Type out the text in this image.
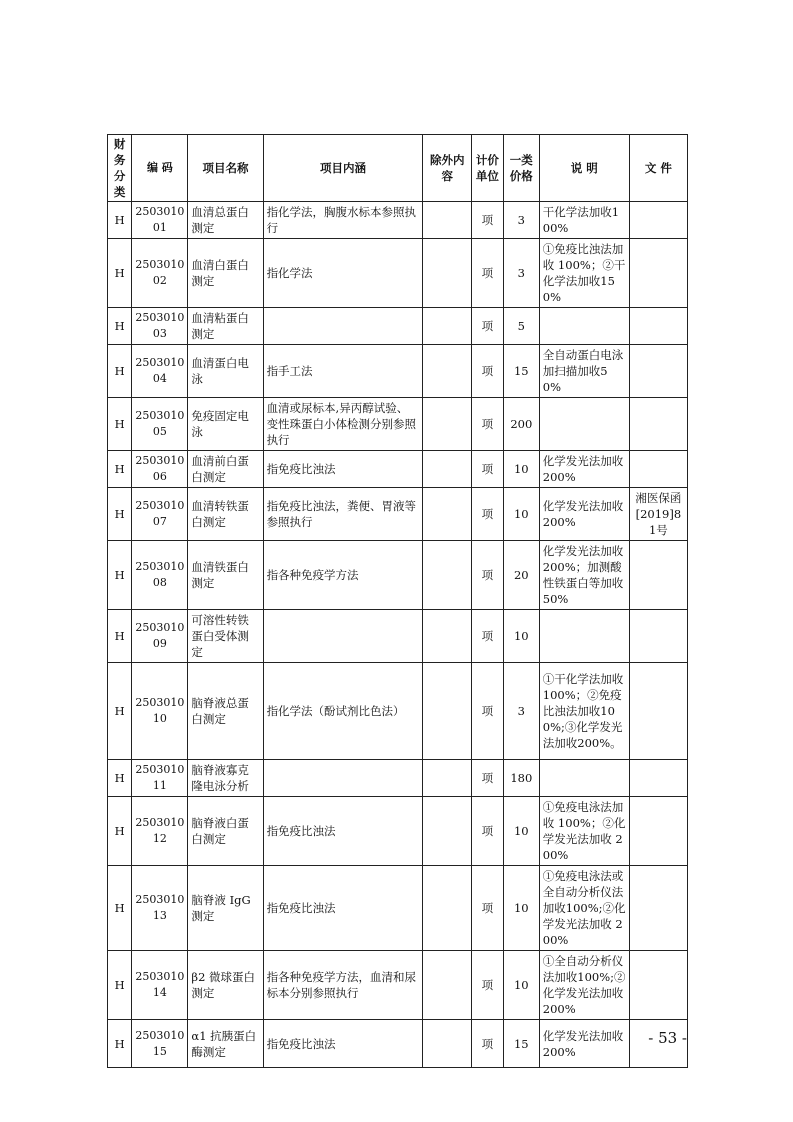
财务分类	编 码	项目名称	项目内涵	除外内容	计价单位	一类价格	说 明	文 件
H	250301001	血清总蛋白测定	指化学法，胸腹水标本参照执行		项	3	干化学法加收100%	
H	250301002	血清白蛋白测定	指化学法		项	3	①免疫比浊法加收 100%；②干化学法加收150%	
H	250301003	血清粘蛋白测定			项	5		
H	250301004	血清蛋白电泳	指手工法		项	15	全自动蛋白电泳加扫描加收50%	
H	250301005	免疫固定电泳	血清或尿标本,异丙醇试验、变性珠蛋白小体检测分别参照执行		项	200		
H	250301006	血清前白蛋白测定	指免疫比浊法		项	10	化学发光法加收 200%	
H	250301007	血清转铁蛋白测定	指免疫比浊法，粪便、胃液等参照执行		项	10	化学发光法加收 200%	湘医保函[2019]81号
H	250301008	血清铁蛋白测定	指各种免疫学方法		项	20	化学发光法加收 200%；加测酸性铁蛋白等加收 50%	
H	250301009	可溶性转铁蛋白受体测定			项	10		
H	250301010	脑脊液总蛋白测定	指化学法（酚试剂比色法）		项	3	①干化学法加收 100%；②免疫比浊法加收100%;③化学发光法加收200%。	
H	250301011	脑脊液寡克隆电泳分析			项	180		
H	250301012	脑脊液白蛋白测定	指免疫比浊法		项	10	①免疫电泳法加收 100%；②化学发光法加收 200%	
H	250301013	脑脊液 IgG 测定	指免疫比浊法		项	10	①免疫电泳法或全自动分析仪法加收100%;②化学发光法加收 200%	
H	250301014	β2 微球蛋白测定	指各种免疫学方法，血清和尿标本分别参照执行		项	10	①全自动分析仪法加收100%;②化学发光法加收 200%	
H	250301015	α1 抗胰蛋白酶测定	指免疫比浊法		项	15	化学发光法加收 200%	
- 53 -
